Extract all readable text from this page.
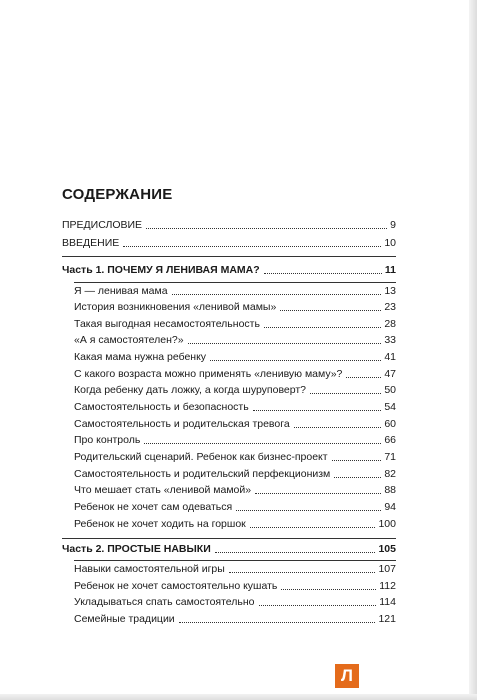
СОДЕРЖАНИЕ
ПРЕДИСЛОВИЕ	9
ВВЕДЕНИЕ	10
Часть 1. ПОЧЕМУ Я ЛЕНИВАЯ МАМА?	11
Я — ленивая мама	13
История возникновения «ленивой мамы»	23
Такая выгодная несамостоятельность	28
«А я самостоятелен?»	33
Какая мама нужна ребенку	41
С какого возраста можно применять «ленивую маму»?	47
Когда ребенку дать ложку, а когда шуруповерт?	50
Самостоятельность и безопасность	54
Самостоятельность и родительская тревога	60
Про контроль	66
Родительский сценарий. Ребенок как бизнес-проект	71
Самостоятельность и родительский перфекционизм	82
Что мешает стать «ленивой мамой»	88
Ребенок не хочет сам одеваться	94
Ребенок не хочет ходить на горшок	100
Часть 2. ПРОСТЫЕ НАВЫКИ	105
Навыки самостоятельной игры	107
Ребенок не хочет самостоятельно кушать	112
Укладываться спать самостоятельно	114
Семейные традиции	121
Л
